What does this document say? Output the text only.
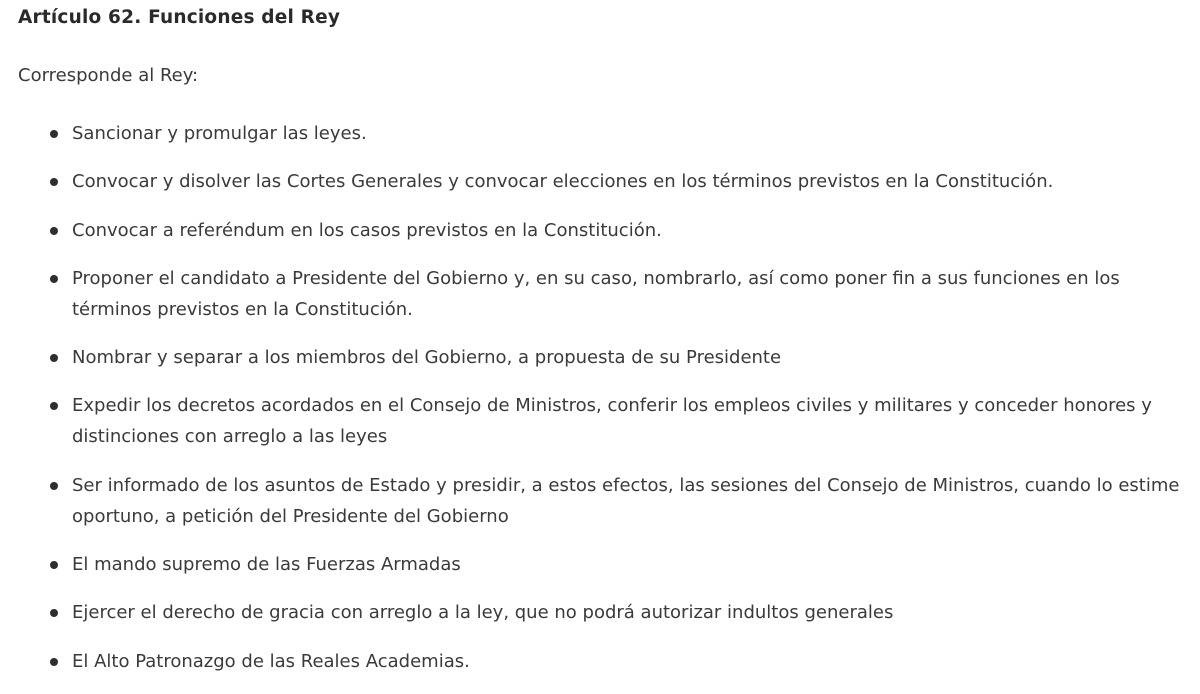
Artículo 62. Funciones del Rey

Corresponde al Rey:

Sancionar y promulgar las leyes.
Convocar y disolver las Cortes Generales y convocar elecciones en los términos previstos en la Constitución.
Convocar a referéndum en los casos previstos en la Constitución.
Proponer el candidato a Presidente del Gobierno y, en su caso, nombrarlo, así como poner fin a sus funciones en los términos previstos en la Constitución.
Nombrar y separar a los miembros del Gobierno, a propuesta de su Presidente
Expedir los decretos acordados en el Consejo de Ministros, conferir los empleos civiles y militares y conceder honores y distinciones con arreglo a las leyes
Ser informado de los asuntos de Estado y presidir, a estos efectos, las sesiones del Consejo de Ministros, cuando lo estime oportuno, a petición del Presidente del Gobierno
El mando supremo de las Fuerzas Armadas
Ejercer el derecho de gracia con arreglo a la ley, que no podrá autorizar indultos generales
El Alto Patronazgo de las Reales Academias.
